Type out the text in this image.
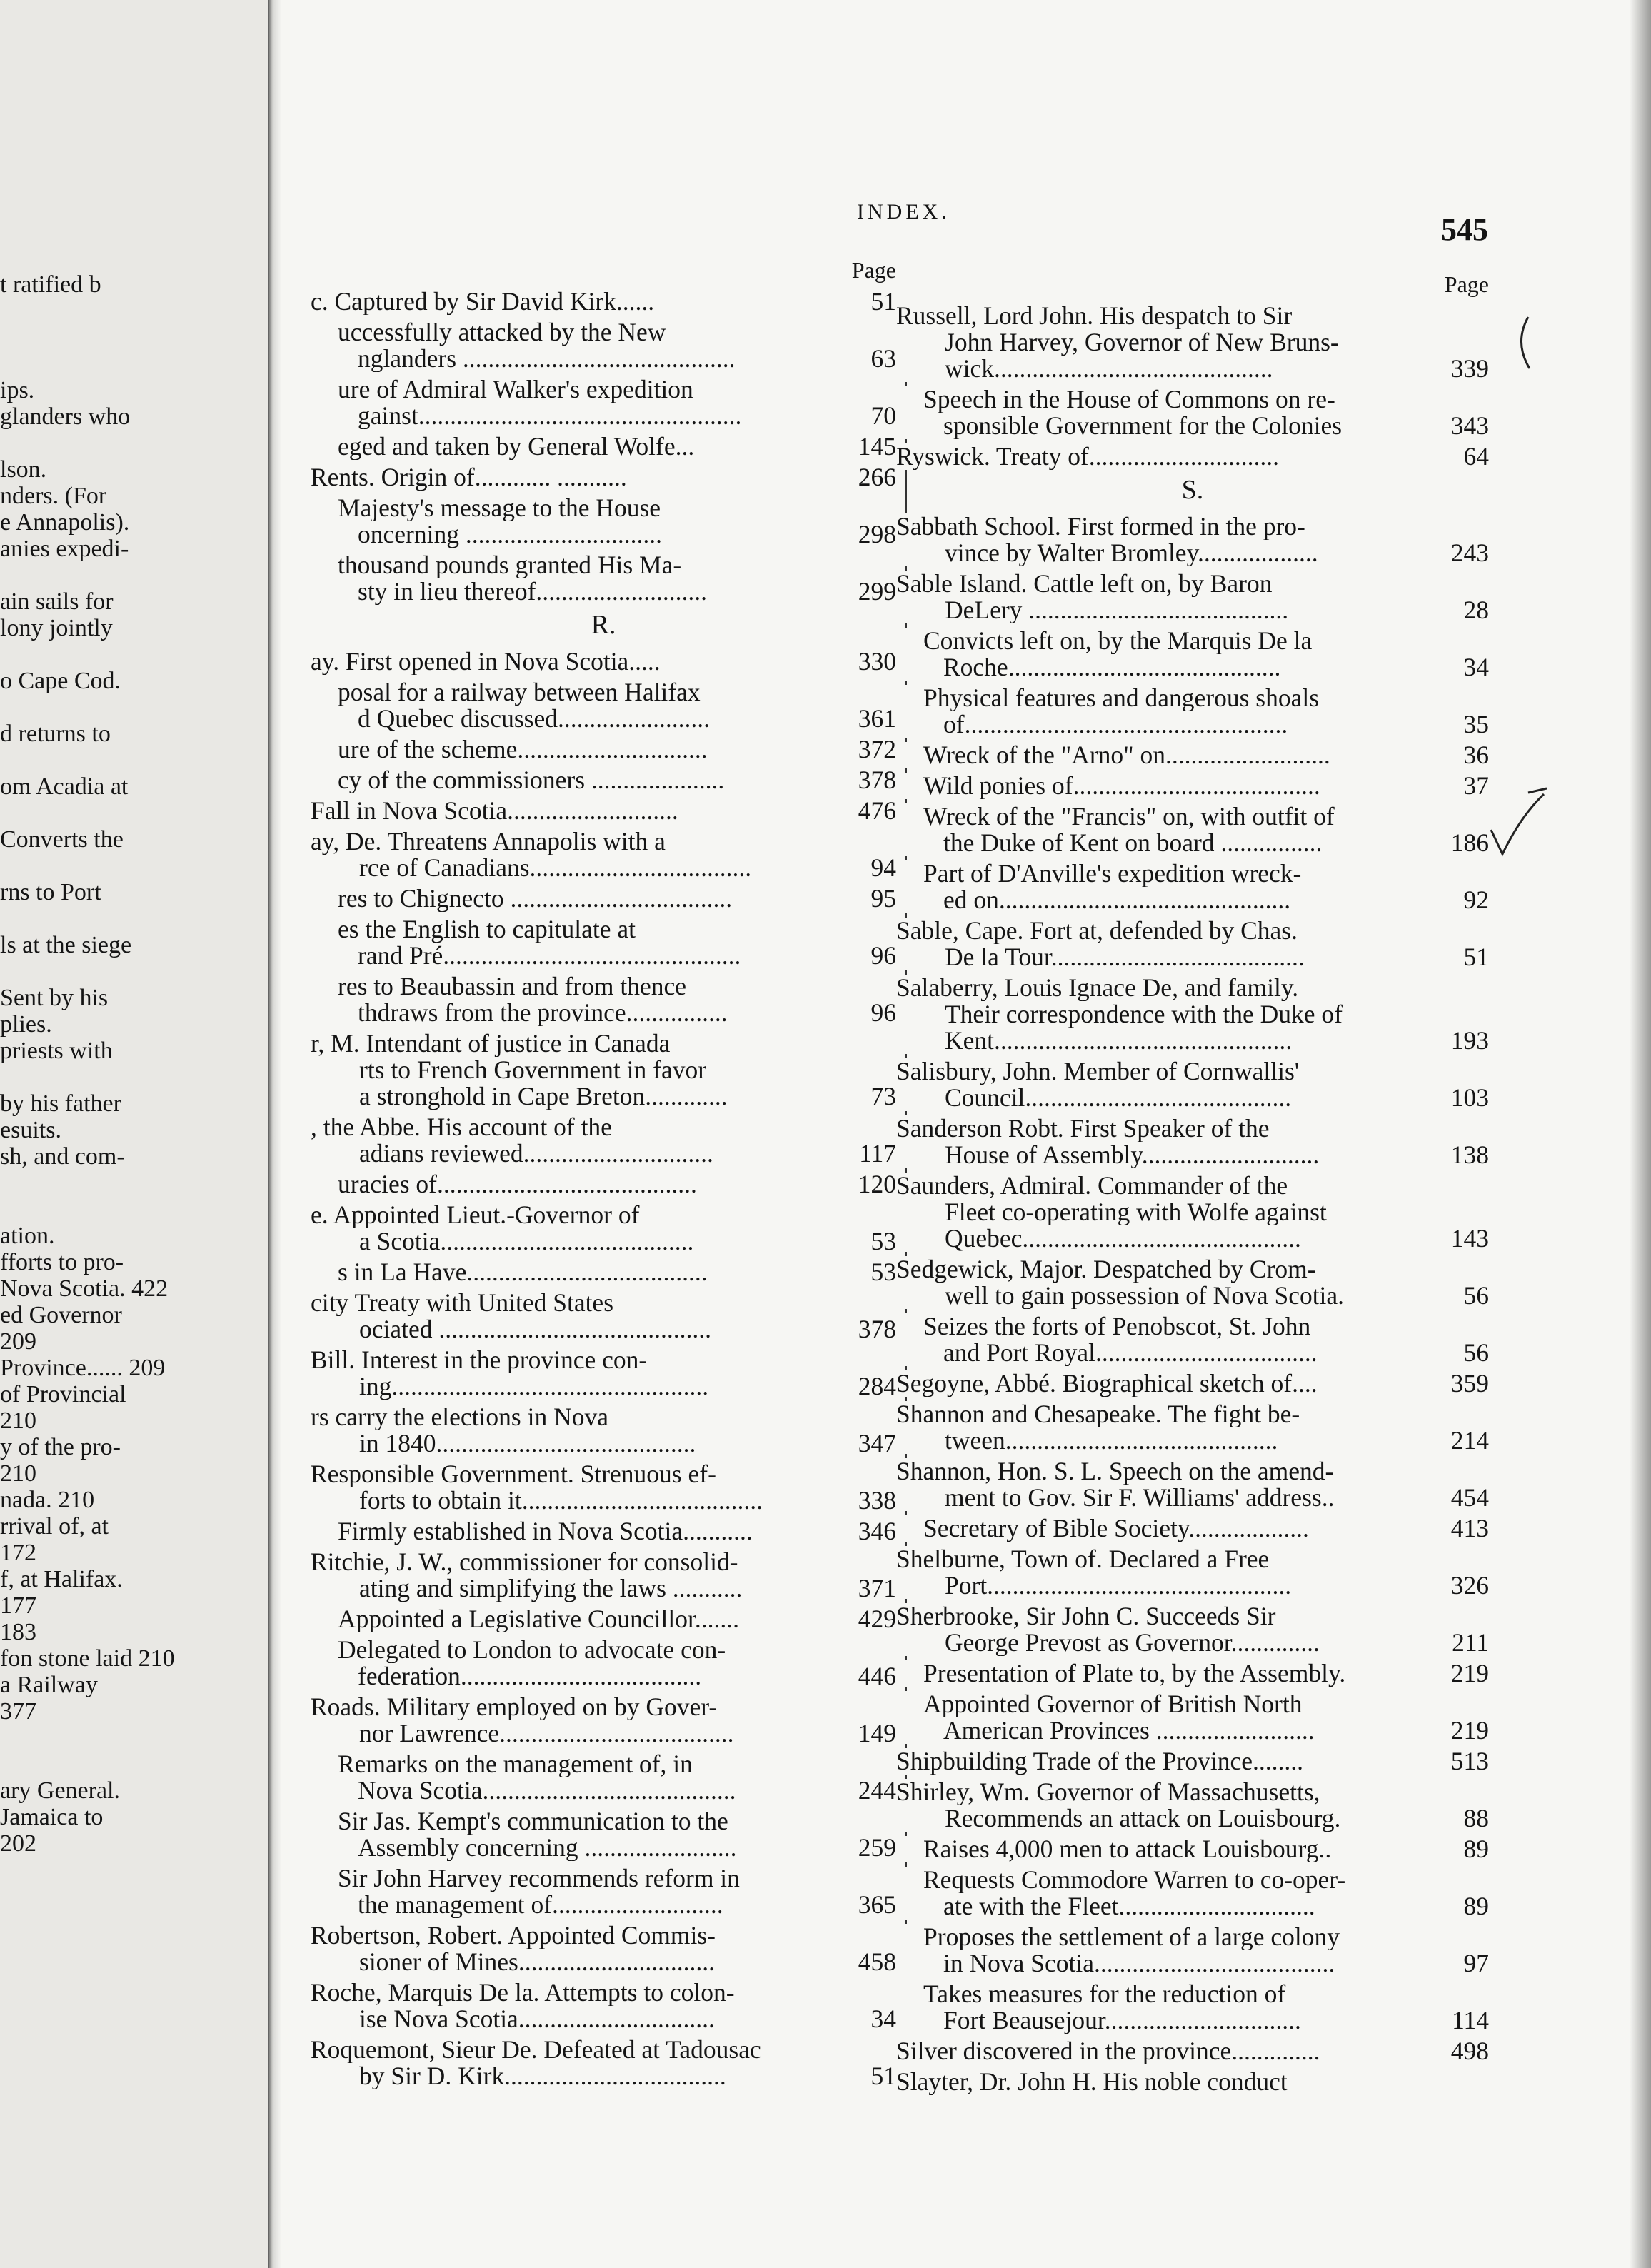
t ratified b

ips.
glanders who

lson.
nders. (For
e Annapolis).
anies expedi-

ain sails for
lony jointly

o Cape Cod.

d returns to

om Acadia at

Converts the

rns to Port

ls at the siege

Sent by his
plies.
priests with

by his father
esuits.
sh, and com-

ation.
fforts to pro-
Nova Scotia. 422
ed Governor
209
Province...... 209
of Provincial
210
y of the pro-
210
nada. 210
rrival of, at
172
f, at Halifax.
177
183
fon stone laid 210
a Railway
377

ary General.
Jamaica to
202
INDEX.
545
Page
c. Captured by Sir David Kirk......	51
uccessfully attacked by the New
nglanders ...........................................	63
ure of Admiral Walker's expedition
gainst...................................................	70
eged and taken by General Wolfe...	145
Rents. Origin of............ ...........	266
Majesty's message to the House
oncerning ...............................	298
thousand pounds granted His Ma-
sty in lieu thereof...........................	299
R.
ay. First opened in Nova Scotia.....	330
posal for a railway between Halifax
d Quebec discussed........................	361
ure of the scheme..............................	372
cy of the commissioners .....................	378
Fall in Nova Scotia...........................	476
ay, De. Threatens Annapolis with a
rce of Canadians...................................	94
res to Chignecto ...................................	95
es the English to capitulate at
rand Pré...............................................	96
res to Beaubassin and from thence
thdraws from the province................	96
r, M. Intendant of justice in Canada
rts to French Government in favor
a stronghold in Cape Breton.............	73
, the Abbe. His account of the
adians reviewed..............................	117
uracies of.........................................	120
e. Appointed Lieut.-Governor of
a Scotia........................................	53
s in La Have......................................	53
city Treaty with United States
ociated ...........................................	378
Bill. Interest in the province con-
ing..................................................	284
rs carry the elections in Nova
in 1840.........................................	347
Responsible Government. Strenuous ef-
forts to obtain it......................................	338
Firmly established in Nova Scotia...........	346
Ritchie, J. W., commissioner for consolid-
ating and simplifying the laws ...........	371
Appointed a Legislative Councillor.......	429
Delegated to London to advocate con-
federation......................................	446
Roads. Military employed on by Gover-
nor Lawrence.....................................	149
Remarks on the management of, in
Nova Scotia........................................	244
Sir Jas. Kempt's communication to the
Assembly concerning ........................	259
Sir John Harvey recommends reform in
the management of...........................	365
Robertson, Robert. Appointed Commis-
sioner of Mines...............................	458
Roche, Marquis De la. Attempts to colon-
ise Nova Scotia...............................	34
Roquemont, Sieur De. Defeated at Tadousac
by Sir D. Kirk...................................	51
Page
Russell, Lord John. His despatch to Sir
John Harvey, Governor of New Bruns-
wick............................................	339
Speech in the House of Commons on re-
sponsible Government for the Colonies	343
Ryswick. Treaty of..............................	64
S.
Sabbath School. First formed in the pro-
vince by Walter Bromley...................	243
Sable Island. Cattle left on, by Baron
DeLery .........................................	28
Convicts left on, by the Marquis De la
Roche...........................................	34
Physical features and dangerous shoals
of...................................................	35
Wreck of the "Arno" on..........................	36
Wild ponies of.......................................	37
Wreck of the "Francis" on, with outfit of
the Duke of Kent on board ................	186
Part of D'Anville's expedition wreck-
ed on..............................................	92
Sable, Cape. Fort at, defended by Chas.
De la Tour........................................	51
Salaberry, Louis Ignace De, and family.
Their correspondence with the Duke of
Kent...............................................	193
Salisbury, John. Member of Cornwallis'
Council..........................................	103
Sanderson Robt. First Speaker of the
House of Assembly............................	138
Saunders, Admiral. Commander of the
Fleet co-operating with Wolfe against
Quebec............................................	143
Sedgewick, Major. Despatched by Crom-
well to gain possession of Nova Scotia.	56
Seizes the forts of Penobscot, St. John
and Port Royal...................................	56
Segoyne, Abbé. Biographical sketch of....	359
Shannon and Chesapeake. The fight be-
tween...........................................	214
Shannon, Hon. S. L. Speech on the amend-
ment to Gov. Sir F. Williams' address..	454
Secretary of Bible Society...................	413
Shelburne, Town of. Declared a Free
Port................................................	326
Sherbrooke, Sir John C. Succeeds Sir
George Prevost as Governor..............	211
Presentation of Plate to, by the Assembly.	219
Appointed Governor of British North
American Provinces .........................	219
Shipbuilding Trade of the Province........	513
Shirley, Wm. Governor of Massachusetts,
Recommends an attack on Louisbourg.	88
Raises 4,000 men to attack Louisbourg..	89
Requests Commodore Warren to co-oper-
ate with the Fleet...............................	89
Proposes the settlement of a large colony
in Nova Scotia......................................	97
Takes measures for the reduction of
Fort Beausejour...............................	114
Silver discovered in the province..............	498
Slayter, Dr. John H. His noble conduct
